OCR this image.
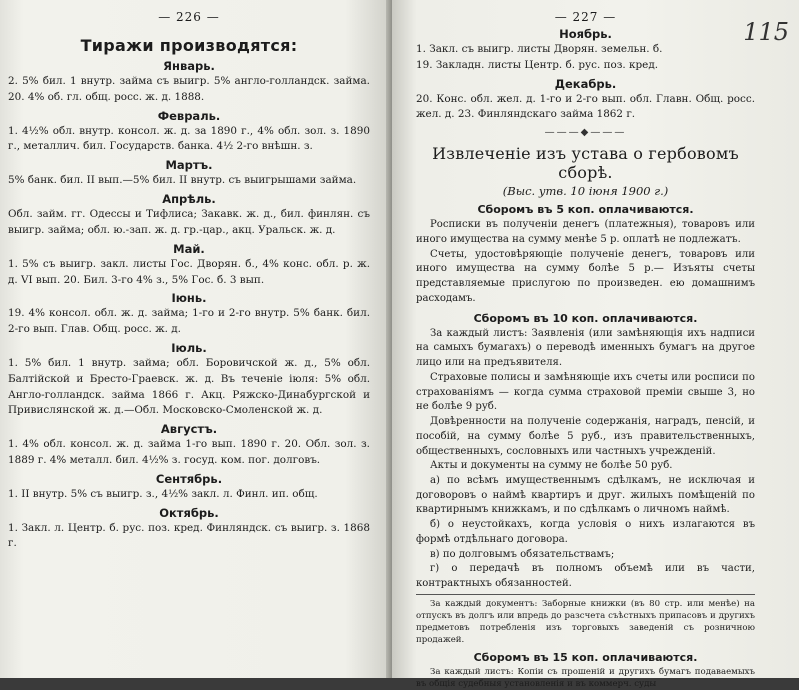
— 226 —
Тиражи производятся:
Январь.
2. 5% бил. 1 внутр. займа съ выигр. 5% англо-голландск. займа. 20. 4% об. гл. общ. росс. ж. д. 1888.
Февраль.
1. 4½% обл. внутр. консол. ж. д. за 1890 г., 4% обл. зол. з. 1890 г., металлич. бил. Государств. банка. 4½ 2-го внѣшн. з.
Мартъ.
5% банк. бил. II вып.—5% бил. II внутр. съ выигрышами займа.
Апрѣль.
Обл. займ. гг. Одессы и Тифлиса; Закавк. ж. д., бил. финлян. съ выигр. займа; обл. ю.-зап. ж. д. гр.-цар., акц. Уральск. ж. д.
Май.
1. 5% съ выигр. закл. листы Гос. Дворян. б., 4% конс. обл. р. ж. д. VI вып. 20. Бил. 3-го 4% з., 5% Гос. б. 3 вып.
Іюнь.
19. 4% консол. обл. ж. д. займа; 1-го и 2-го внутр. 5% банк. бил. 2-го вып. Глав. Общ. росс. ж. д.
Іюль.
1. 5% бил. 1 внутр. займа; обл. Боровичской ж. д., 5% обл. Балтійской и Бресто-Граевск. ж. д. Въ теченіе іюля: 5% обл. Англо-голландск. займа 1866 г. Акц. Ряжско-Динабургской и Привислянской ж. д.—Обл. Московско-Смоленской ж. д.
Августъ.
1. 4% обл. консол. ж. д. займа 1-го вып. 1890 г. 20. Обл. зол. з. 1889 г. 4% металл. бил. 4½% з. госуд. ком. пог. долговъ.
Сентябрь.
1. II внутр. 5% съ выигр. з., 4½% закл. л. Финл. ип. общ.
Октябрь.
1. Закл. л. Центр. б. рус. поз. кред. Финляндск. съ выигр. з. 1868 г.
115
— 227 —
Ноябрь.
1. Закл. съ выигр. листы Дворян. земельн. б.
19. Закладн. листы Центр. б. рус. поз. кред.
Декабрь.
20. Конс. обл. жел. д. 1-го и 2-го вып. обл. Главн. Общ. росс. жел. д. 23. Финляндскаго займа 1862 г.
———◆———
Извлеченіе изъ устава о гербовомъ сборѣ.
(Выс. утв. 10 іюня 1900 г.)
Сборомъ въ 5 коп. оплачиваются.

Росписки въ полученіи денегъ (платежныя), товаровъ или иного имущества на сумму менѣе 5 р. оплатѣ не подлежатъ.

Счеты, удостовѣряющіе полученіе денегъ, товаровъ или иного имущества на сумму болѣе 5 р.— Изъяты счеты представляемые прислугою по произведен. ею домашнимъ расходамъ.

Сборомъ въ 10 коп. оплачиваются.

За каждый листъ: Заявленія (или замѣняющія ихъ надписи на самыхъ бумагахъ) о переводѣ именныхъ бумагъ на другое лицо или на предъявителя.

Страховые полисы и замѣняющіе ихъ счеты или росписи по страхованіямъ — когда сумма страховой преміи свыше 3, но не болѣе 9 руб.

Довѣренности на полученіе содержанія, наградъ, пенсій, и пособій, на сумму болѣе 5 руб., изъ правительственныхъ, общественныхъ, сословныхъ или частныхъ учрежденій.

Акты и документы на сумму не болѣе 50 руб.

а) по всѣмъ имущественнымъ сдѣлкамъ, не исключая и договоровъ о наймѣ квартиръ и друг. жилыхъ помѣщеній по квартирнымъ книжкамъ, и по сдѣлкамъ о личномъ наймѣ.

б) о неустойкахъ, когда условія о нихъ излагаются въ формѣ отдѣльнаго договора.

в) по долговымъ обязательствамъ;

г) о передачѣ въ полномъ объемѣ или въ части, контрактныхъ обязанностей.

За каждый документъ: Заборные книжки (въ 80 стр. или менѣе) на отпускъ въ долгъ или впредь до разсчета съѣстныхъ припасовъ и другихъ предметовъ потребленія изъ торговыхъ заведеній съ розничною продажей.

Сборомъ въ 15 коп. оплачиваются.

За каждый листъ: Копіи съ прошеній и другихъ бумагъ подаваемыхъ въ общія судебныя установленія и въ коммерч. суды
